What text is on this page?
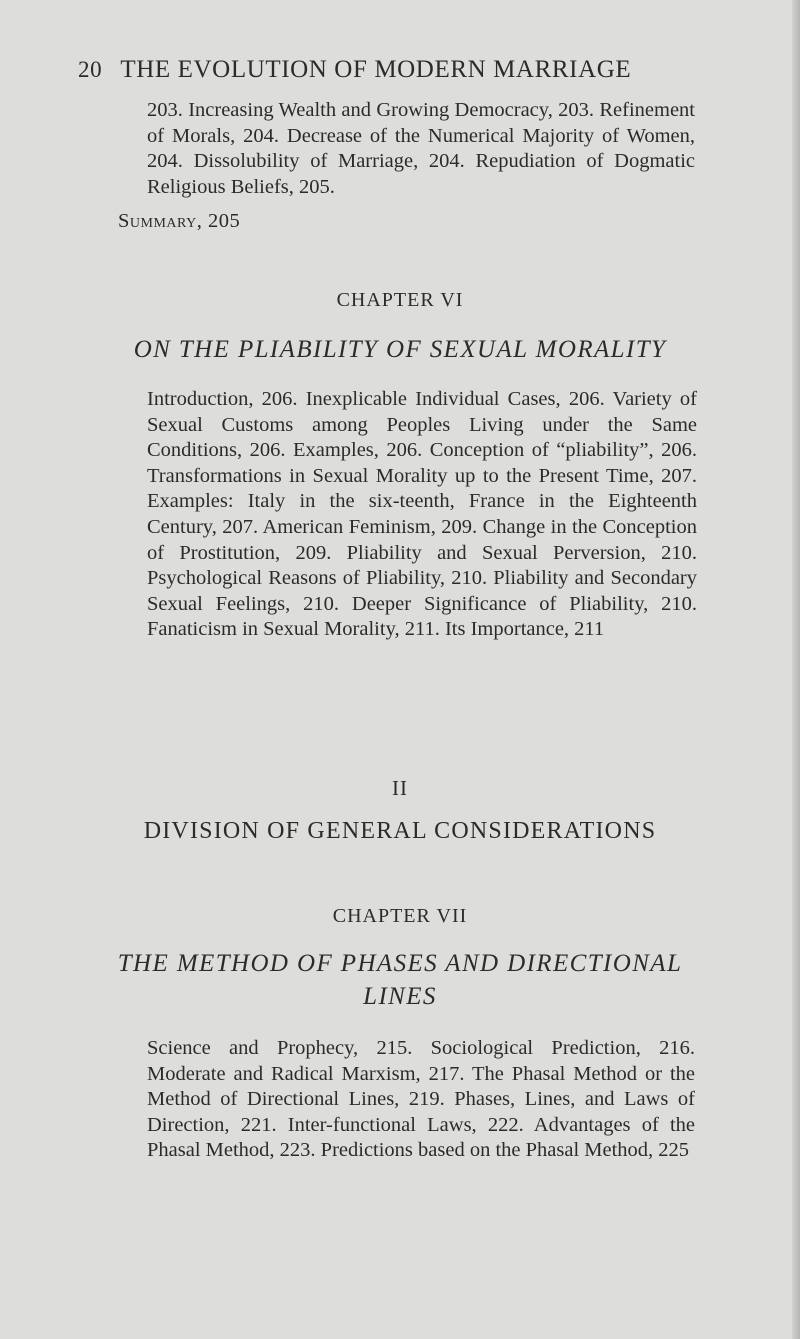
20 THE EVOLUTION OF MODERN MARRIAGE
203. Increasing Wealth and Growing Democracy, 203. Refinement of Morals, 204. Decrease of the Numerical Majority of Women, 204. Dissolubility of Marriage, 204. Repudiation of Dogmatic Religious Beliefs, 205.
Summary, 205
CHAPTER VI
ON THE PLIABILITY OF SEXUAL MORALITY
Introduction, 206. Inexplicable Individual Cases, 206. Variety of Sexual Customs among Peoples Living under the Same Conditions, 206. Examples, 206. Conception of “pliability”, 206. Transformations in Sexual Morality up to the Present Time, 207. Examples: Italy in the six-teenth, France in the Eighteenth Century, 207. American Feminism, 209. Change in the Conception of Prostitution, 209. Pliability and Sexual Perversion, 210. Psychological Reasons of Pliability, 210. Pliability and Secondary Sexual Feelings, 210. Deeper Significance of Pliability, 210. Fanaticism in Sexual Morality, 211. Its Importance, 211
II
DIVISION OF GENERAL CONSIDERATIONS
CHAPTER VII
THE METHOD OF PHASES AND DIRECTIONAL
LINES
Science and Prophecy, 215. Sociological Prediction, 216. Moderate and Radical Marxism, 217. The Phasal Method or the Method of Directional Lines, 219. Phases, Lines, and Laws of Direction, 221. Inter-functional Laws, 222. Advantages of the Phasal Method, 223. Predictions based on the Phasal Method, 225
